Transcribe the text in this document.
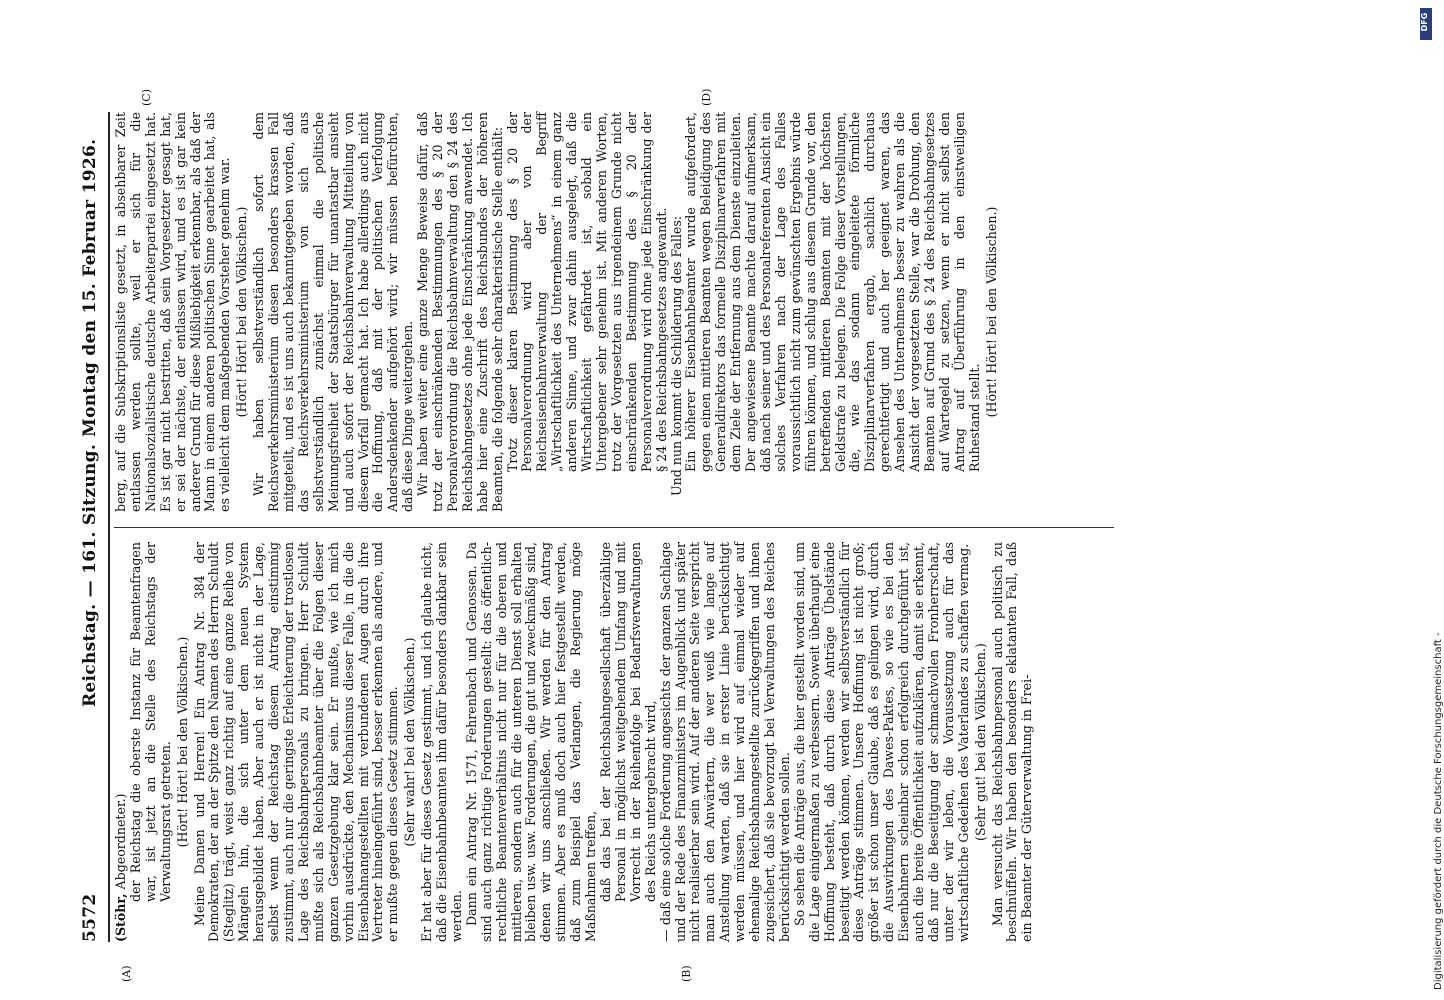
5572
Reichstag. — 161. Sitzung.
Montag den 15. Februar 1926.
(A)	(B)
(C)	(D)

(Stöhr, Abgeordneter.) der Reichstag die oberste Instanz für Beamtenfragen war, ist jetzt an die Stelle des Reichstags der Verwaltungsrat getreten. (Hört! Hört! bei den Völkischen.) Meine Damen und Herren! Ein Antrag Nr. 384 der Demokraten, der an der Spitze den Namen des Herrn Schuldt (Steglitz) trägt, weist ganz richtig auf eine ganze Reihe von Mängeln hin, die sich unter dem neuen System herausgebildet haben. Aber auch er ist nicht in der Lage, selbst wenn der Reichstag diesem Antrag einstimmig zustimmt, auch nur die geringste Erleichterung der trostlosen Lage des Reichsbahnpersonals zu bringen. Herr Schuldt mußte sich als Reichsbahnbeamter über die Folgen dieser ganzen Gesetzgebung klar sein. Er mußte, wie ich mich vorhin ausdrückte, den Mechanismus dieser Falle, in die die Eisenbahnangestellten mit verbundenen Augen durch ihre Vertreter hineingeführt sind, besser erkennen als andere, und er mußte gegen dieses Gesetz stimmen. (Sehr wahr! bei den Völkischen.) Er hat aber für dieses Gesetz gestimmt, und ich glaube nicht, daß die Eisenbahnbeamten ihm dafür besonders dankbar sein werden. Dann ein Antrag Nr. 1571, Fehrenbach und Genossen. Da sind auch ganz richtige Forderungen gestellt: das öffentlich-rechtliche Beamtenverhältnis nicht nur für die oberen und mittleren, sondern auch für die unteren Dienst soll erhalten bleiben usw. usw. Forderungen, die gut und zweckmäßig sind, denen wir uns anschließen. Wir werden für den Antrag stimmen. Aber es muß doch auch hier festgestellt werden, daß zum Beispiel das Verlangen, die Regierung möge Maßnahmen treffen, daß das bei der Reichsbahngesellschaft überzählige Personal in möglichst weitgehendem Umfang und mit Vorrecht in der Reihenfolge bei Bedarfsverwaltungen des Reichs untergebracht wird, — daß eine solche Forderung angesichts der ganzen Sachlage und der Rede des Finanzministers im Augenblick und später nicht realisierbar sein wird. Auf der anderen Seite verspricht man auch den Anwärtern, die wer weiß wie lange auf Anstellung warten, daß sie in erster Linie berücksichtigt werden müssen, und hier wird auf einmal wieder auf ehemalige Reichsbahnangestellte zurückgegriffen und ihnen zugesichert, daß sie bevorzugt bei Verwaltungen des Reiches berücksichtigt werden sollen. So sehen die Anträge aus, die hier gestellt worden sind, um die Lage einigermaßen zu verbessern. Soweit überhaupt eine Hoffnung besteht, daß durch diese Anträge Übelstände beseitigt werden können, werden wir selbstverständlich für diese Anträge stimmen. Unsere Hoffnung ist nicht groß; größer ist schon unser Glaube, daß es gelingen wird, durch die Auswirkungen des Dawes-Paktes, so wie es bei den Eisenbahnern scheinbar schon erfolgreich durchgeführt ist, auch die breite Öffentlichkeit aufzuklären, damit sie erkennt, daß nur die Beseitigung der schmachvollen Fronherrschaft, unter der wir leben, die Voraussetzung auch für das wirtschaftliche Gedeihen des Vaterlandes zu schaffen vermag. (Sehr gut! bei den Völkischen.) Man versucht das Reichsbahnpersonal auch politisch zu beschnüffeln. Wir haben den besonders eklatanten Fall, daß ein Beamter der Güterverwaltung in Frei-

berg, auf die Subskriptionsliste gesetzt, in absehbarer Zeit entlassen werden sollte, weil er sich für die Nationalsozialistische deutsche Arbeiterpartei eingesetzt hat. Es ist gar nicht bestritten, daß sein Vorgesetzter gesagt hat, er sei der nächste, der entlassen wird, und es ist gar kein anderer Grund für diese Mißliebigkeit erkennbar, als daß der Mann in einem anderen politischen Sinne gearbeitet hat, als es vielleicht dem maßgebenden Vorsteher genehm war. (Hört! Hört! bei den Völkischen.) Wir haben selbstverständlich sofort dem Reichsverkehrsministerium diesen besonders krassen Fall mitgeteilt, und es ist uns auch bekanntgegeben worden, daß das Reichsverkehrsministerium von sich aus selbstverständlich zunächst einmal die politische Meinungsfreiheit der Staatsbürger für unantastbar ansieht und auch sofort der Reichsbahnverwaltung Mitteilung von diesem Vorfall gemacht hat. Ich habe allerdings auch nicht die Hoffnung, daß mit der politischen Verfolgung Andersdenkender aufgehört wird; wir müssen befürchten, daß diese Dinge weitergehen. Wir haben weiter eine ganze Menge Beweise dafür, daß trotz der einschränkenden Bestimmungen des § 20 der Personalverordnung die Reichsbahnverwaltung den § 24 des Reichsbahngesetzes ohne jede Einschränkung anwendet. Ich habe hier eine Zuschrift des Reichsbundes der höheren Beamten, die folgende sehr charakteristische Stelle enthält: Trotz dieser klaren Bestimmung des § 20 der Personalverordnung wird aber von der Reichseisenbahnverwaltung der Begriff „Wirtschaftlichkeit des Unternehmens“ in einem ganz anderen Sinne, und zwar dahin ausgelegt, daß die Wirtschaftlichkeit gefährdet ist, sobald ein Untergebener sehr genehm ist. Mit anderen Worten, trotz der Vorgesetzten aus irgendeinem Grunde nicht einschränkenden Bestimmung des § 20 der Personalverordnung wird ohne jede Einschränkung der § 24 des Reichsbahngesetzes angewandt. Und nun kommt die Schilderung des Falles: Ein höherer Eisenbahnbeamter wurde aufgefordert, gegen einen mittleren Beamten wegen Beleidigung des Generaldirektors das formelle Disziplinarverfahren mit dem Ziele der Entfernung aus dem Dienste einzuleiten. Der angewiesene Beamte machte darauf aufmerksam, daß nach seiner und des Personalreferenten Ansicht ein solches Verfahren nach der Lage des Falles voraussichtlich nicht zum gewünschten Ergebnis würde führen können, und schlug aus diesem Grunde vor, den betreffenden mittleren Beamten mit der höchsten Geldstrafe zu belegen. Die Folge dieser Vorstellungen, die, wie das sodann eingeleitete förmliche Disziplinarverfahren ergab, sachlich durchaus gerechtfertigt und auch her geeignet waren, das Ansehen des Unternehmens besser zu wahren als die Ansicht der vorgesetzten Stelle, war die Drohung, den Beamten auf Grund des § 24 des Reichsbahngesetzes auf Wartegeld zu setzen, wenn er nicht selbst den Antrag auf Überführung in den einstweiligen Ruhestand stellt.

(Hört! Hört! bei den Völkischen.)

Digitalisierung gefördert durch die Deutsche Forschungsgemeinschaft -
DFG
